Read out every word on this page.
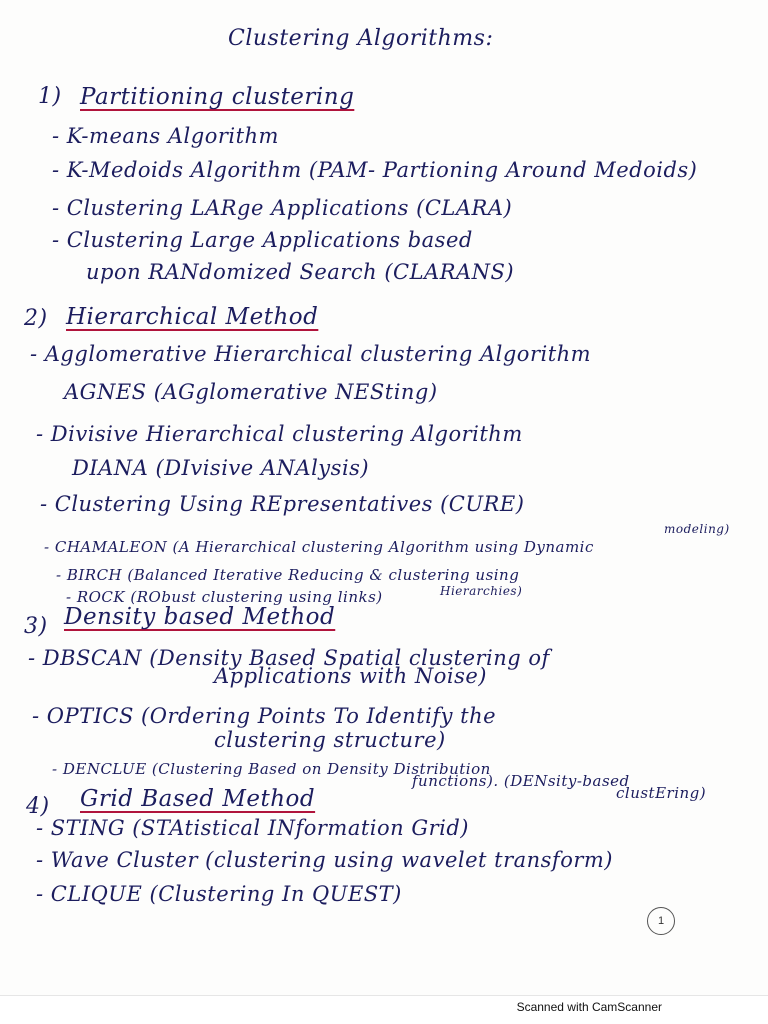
Clustering Algorithms:
1) Partitioning clustering
- K-means Algorithm
- K-Medoids Algorithm (PAM- Partioning Around Medoids)
- Clustering LARge Applications (CLARA)
- Clustering Large Applications based
upon RANdomized Search (CLARANS)
2) Hierarchical Method
- Agglomerative Hierarchical clustering Algorithm
AGNES (AGglomerative NESting)
- Divisive Hierarchical clustering Algorithm
DIANA (DIvisive ANAlysis)
- Clustering Using REpresentatives (CURE)
- CHAMALEON (A Hierarchical clustering Algorithm using Dynamic
modeling)
- BIRCH (Balanced Iterative Reducing & clustering using
Hierarchies)
- ROCK (RObust clustering using links)
3) Density based Method
- DBSCAN (Density Based Spatial clustering of
Applications with Noise)
- OPTICS (Ordering Points To Identify the
clustering structure)
- DENCLUE (Clustering Based on Density Distribution
functions). (DENsity-based
clustEring)
4) Grid Based Method
- STING (STAtistical INformation Grid)
- Wave Cluster (clustering using wavelet transform)
- CLIQUE (Clustering In QUEST)
1
Scanned with CamScanner
